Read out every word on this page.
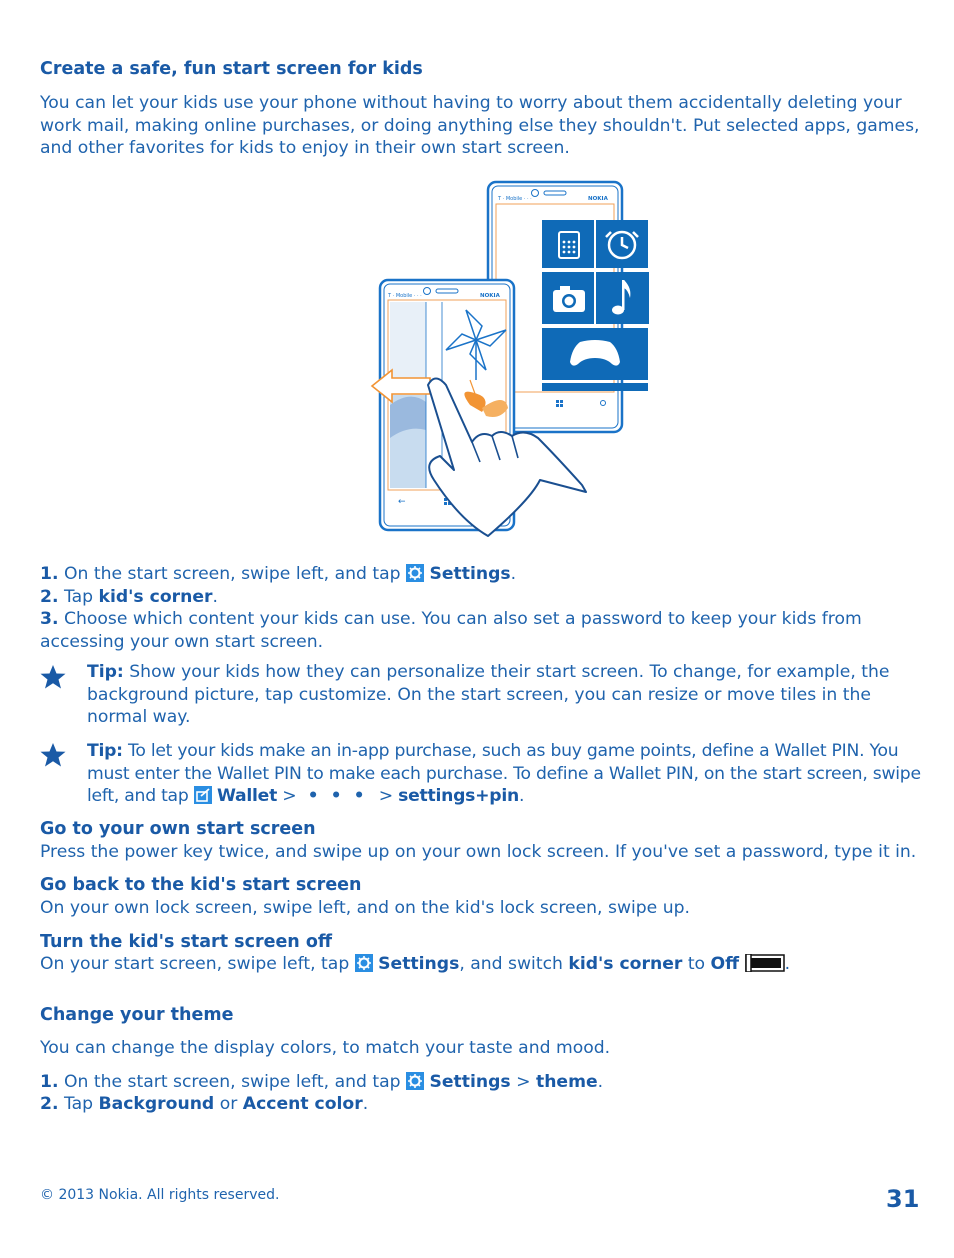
Create a safe, fun start screen for kids
You can let your kids use your phone without having to worry about them accidentally deleting your work mail, making online purchases, or doing anything else they shouldn't. Put selected apps, games, and other favorites for kids to enjoy in their own start screen.
T · Mobile · · ·	NOKIA
T · Mobile · · ·	NOKIA
←
1. On the start screen, swipe left, and tap Settings.
2. Tap kid's corner.
3. Choose which content your kids can use. You can also set a password to keep your kids from accessing your own start screen.
Tip: Show your kids how they can personalize their start screen. To change, for example, the background picture, tap customize. On the start screen, you can resize or move tiles in the normal way.
Tip: To let your kids make an in-app purchase, such as buy game points, define a Wallet PIN. You must enter the Wallet PIN to make each purchase. To define a Wallet PIN, on the start screen, swipe left, and tap Wallet > • • • > settings+pin.
Go to your own start screen
Press the power key twice, and swipe up on your own lock screen. If you've set a password, type it in.
Go back to the kid's start screen
On your own lock screen, swipe left, and on the kid's lock screen, swipe up.
Turn the kid's start screen off
On your start screen, swipe left, tap Settings, and switch kid's corner to Off	.
Change your theme
You can change the display colors, to match your taste and mood.
1. On the start screen, swipe left, and tap Settings > theme.
2. Tap Background or Accent color.
© 2013 Nokia. All rights reserved.	31
